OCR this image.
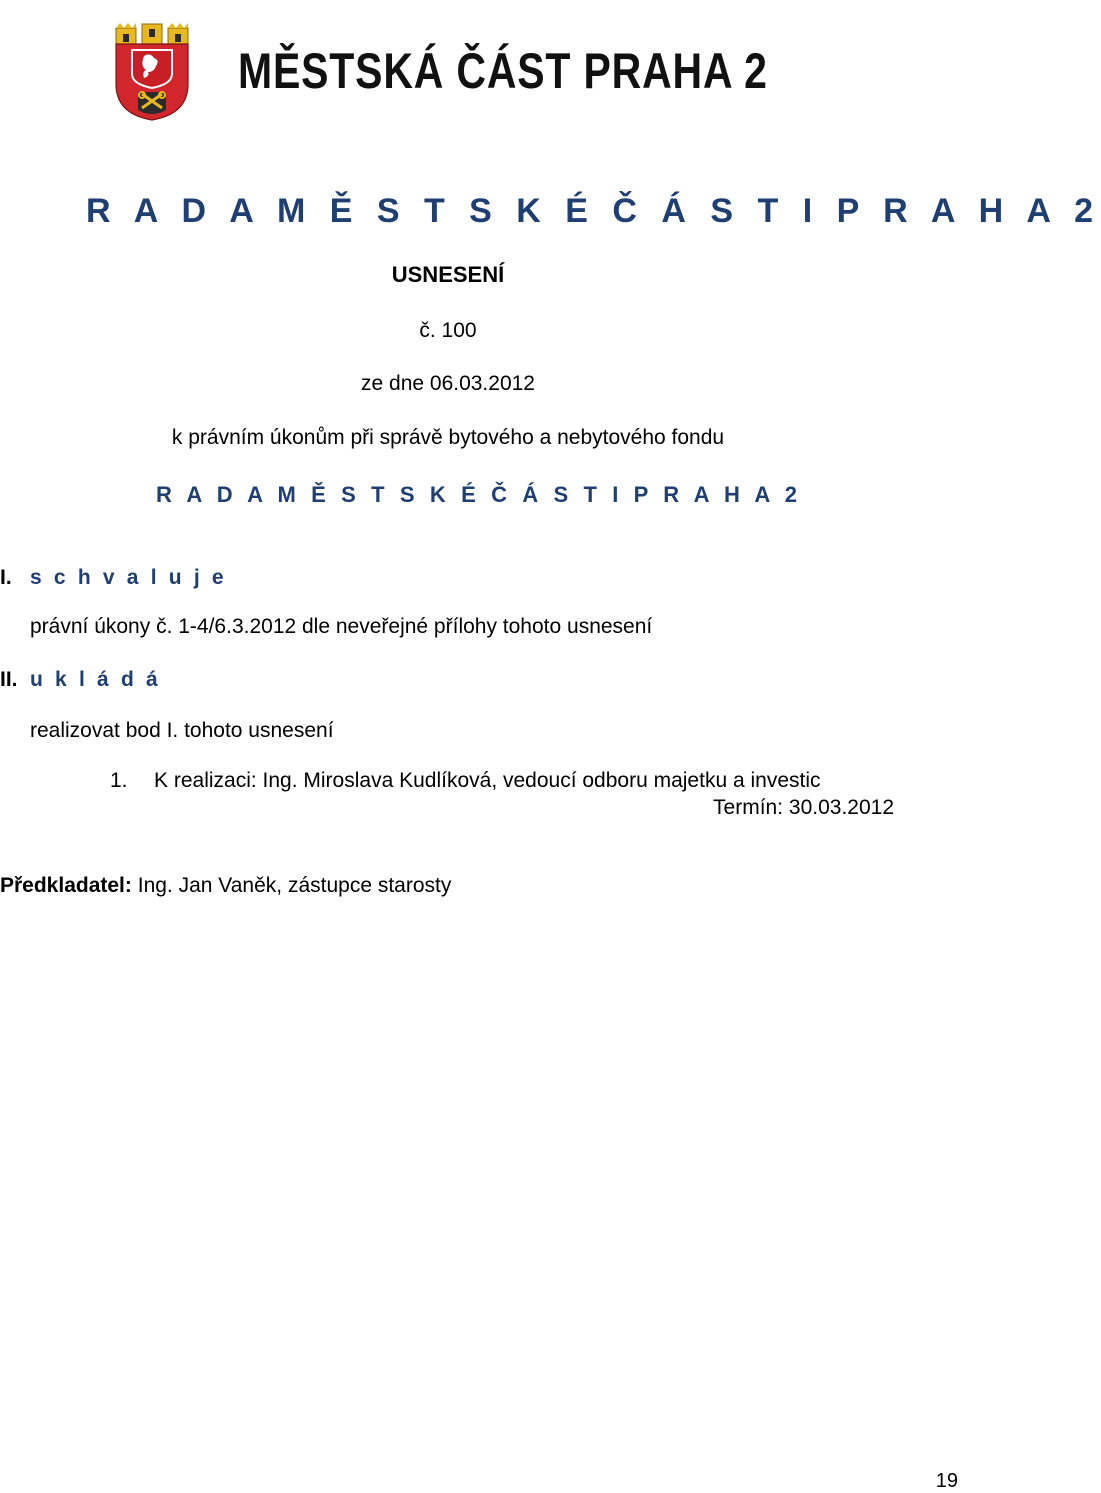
MĚSTSKÁ ČÁST PRAHA 2
R A D A M Ě S T S K É Č Á S T I P R A H A 2
USNESENÍ
č. 100
ze dne 06.03.2012
k právním úkonům při správě bytového a nebytového fondu
R A D A M Ě S T S K É Č Á S T I P R A H A 2
I. s c h v a l u j e
právní úkony č. 1-4/6.3.2012 dle neveřejné přílohy tohoto usnesení
II. u k l á d á
realizovat bod I. tohoto usnesení
1. K realizaci: Ing. Miroslava Kudlíková, vedoucí odboru majetku a investic
Termín: 30.03.2012
Předkladatel: Ing. Jan Vaněk, zástupce starosty
19
